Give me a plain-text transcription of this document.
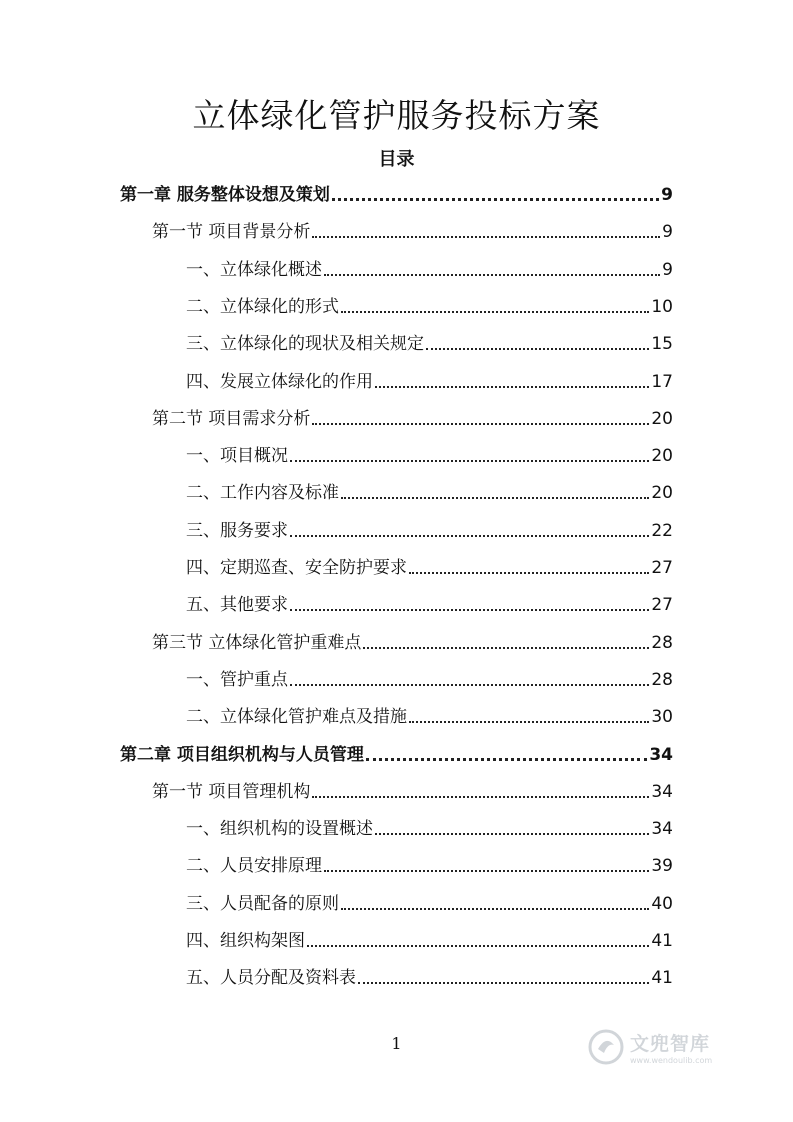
立体绿化管护服务投标方案
目录
第一章 服务整体设想及策划	9
第一节 项目背景分析	9
一、立体绿化概述	9
二、立体绿化的形式	10
三、立体绿化的现状及相关规定	15
四、发展立体绿化的作用	17
第二节 项目需求分析	20
一、项目概况	20
二、工作内容及标准	20
三、服务要求	22
四、定期巡查、安全防护要求	27
五、其他要求	27
第三节 立体绿化管护重难点	28
一、管护重点	28
二、立体绿化管护难点及措施	30
第二章 项目组织机构与人员管理	34
第一节 项目管理机构	34
一、组织机构的设置概述	34
二、人员安排原理	39
三、人员配备的原则	40
四、组织构架图	41
五、人员分配及资料表	41
1	文兜智库
www.wendoulib.com
